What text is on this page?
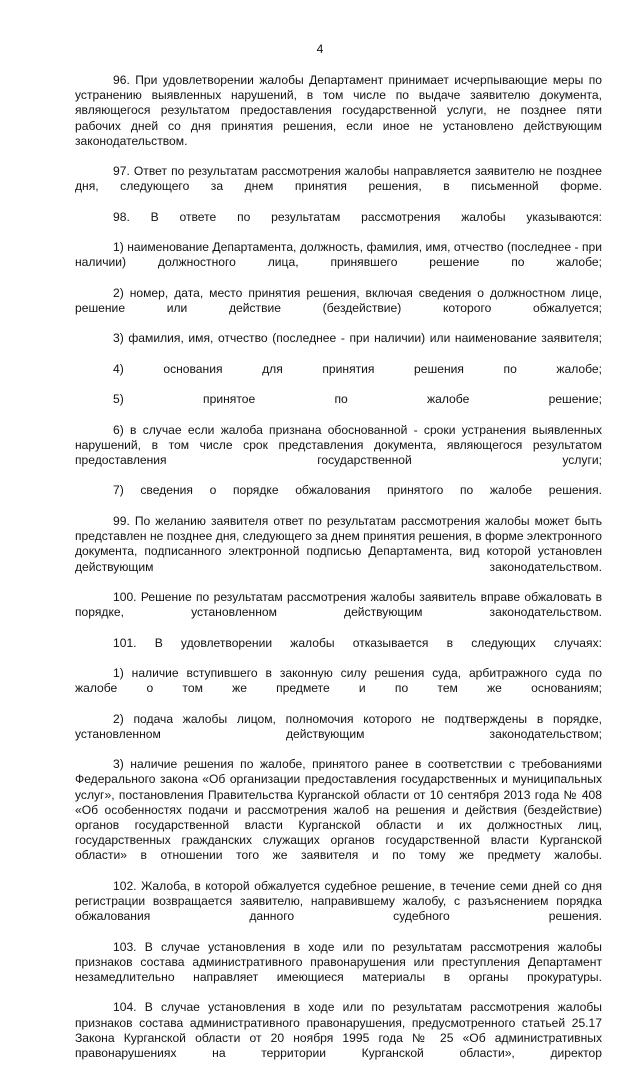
4

96. При удовлетворении жалобы Департамент принимает исчерпывающие меры по устранению выявленных нарушений, в том числе по выдаче заявителю документа, являющегося результатом предоставления государственной услуги, не позднее пяти рабочих дней со дня принятия решения, если иное не установлено действующим законодательством.

97. Ответ по результатам рассмотрения жалобы направляется заявителю не позднее дня, следующего за днем принятия решения, в письменной форме.

98. В ответе по результатам рассмотрения жалобы указываются:

1) наименование Департамента, должность, фамилия, имя, отчество (последнее - при наличии) должностного лица, принявшего решение по жалобе;

2) номер, дата, место принятия решения, включая сведения о должностном лице, решение или действие (бездействие) которого обжалуется;

3) фамилия, имя, отчество (последнее - при наличии) или наименование заявителя;

4) основания для принятия решения по жалобе;

5) принятое по жалобе решение;

6) в случае если жалоба признана обоснованной - сроки устранения выявленных нарушений, в том числе срок представления документа, являющегося результатом предоставления государственной услуги;

7) сведения о порядке обжалования принятого по жалобе решения.

99. По желанию заявителя ответ по результатам рассмотрения жалобы может быть представлен не позднее дня, следующего за днем принятия решения, в форме электронного документа, подписанного электронной подписью Департамента, вид которой установлен действующим законодательством.

100. Решение по результатам рассмотрения жалобы заявитель вправе обжаловать в порядке, установленном действующим законодательством.

101. В удовлетворении жалобы отказывается в следующих случаях:

1) наличие вступившего в законную силу решения суда, арбитражного суда по жалобе о том же предмете и по тем же основаниям;

2) подача жалобы лицом, полномочия которого не подтверждены в порядке, установленном действующим законодательством;

3) наличие решения по жалобе, принятого ранее в соответствии с требованиями Федерального закона «Об организации предоставления государственных и муниципальных услуг», постановления Правительства Курганской области от 10 сентября 2013 года № 408 «Об особенностях подачи и рассмотрения жалоб на решения и действия (бездействие) органов государственной власти Курганской области и их должностных лиц, государственных гражданских служащих органов государственной власти Курганской области» в отношении того же заявителя и по тому же предмету жалобы.

102. Жалоба, в которой обжалуется судебное решение, в течение семи дней со дня регистрации возвращается заявителю, направившему жалобу, с разъяснением порядка обжалования данного судебного решения.

103. В случае установления в ходе или по результатам рассмотрения жалобы признаков состава административного правонарушения или преступления Департамент незамедлительно направляет имеющиеся материалы в органы прокуратуры.

104. В случае установления в ходе или по результатам рассмотрения жалобы признаков состава административного правонарушения, предусмотренного статьей 25.17 Закона Курганской области от 20 ноября 1995 года № 25 «Об административных правонарушениях на территории Курганской области», директор
